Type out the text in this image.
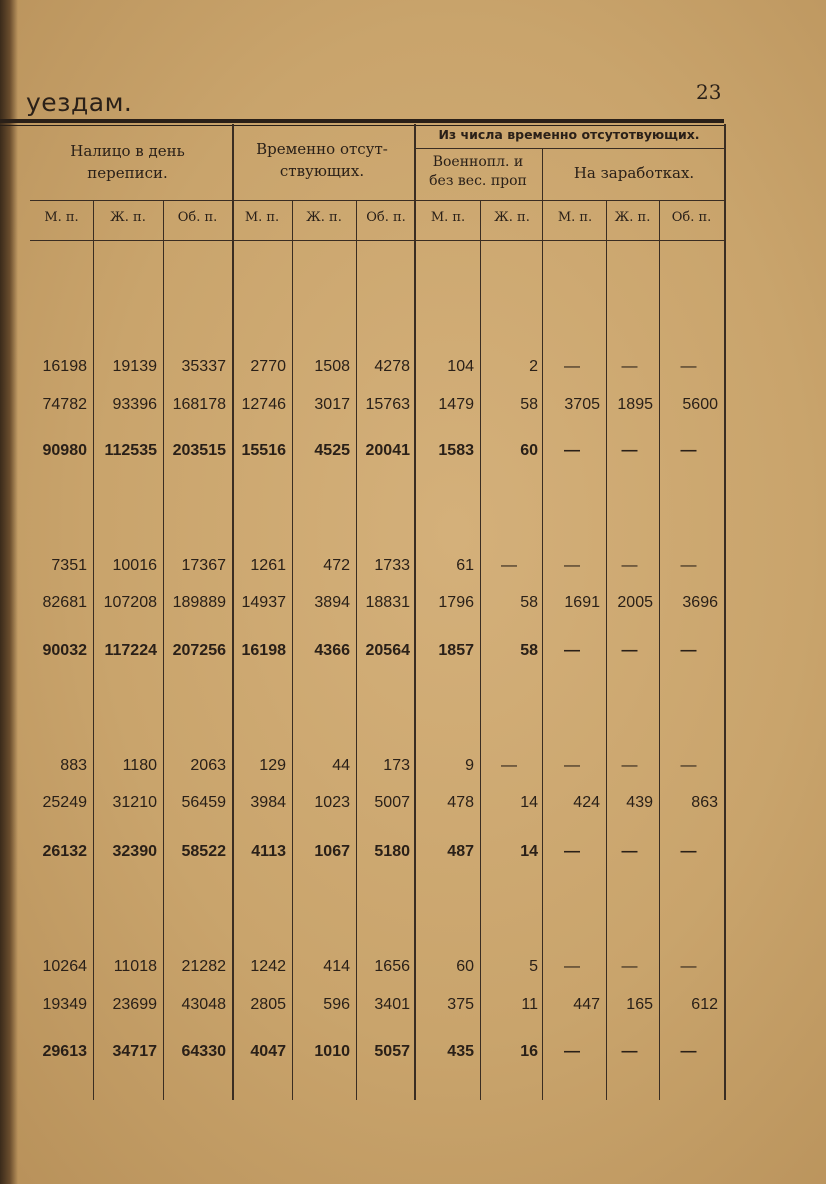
уездам.	23
Налицо в день
переписи.
Временно отсут-
ствующих.
Из числа временно отсутотвующих.
Военнопл. и
без вес. проп	На заработках.
М. п.	Ж. п.	Об. п.	М. п.	Ж. п.	Об. п.	М. п.	Ж. п.	М. п.	Ж. п.	Об. п.
16198	19139	35337	2770	1508	4278	104	2	—	—	—
74782	93396 168178 12746	3017 15763	1479	58	3705	1895	5600
90980	112535 203515 15516	4525 20041	1583	60	—	—	—
7351	10016	17367	1261	472	1733	61	—	—	—	—
82681	107208 189889 14937	3894 18831	1796	58	1691	2005	3696
90032	117224 207256 16198	4366 20564	1857	58	—	—	—
883	1180	2063	129	44	173	9	—	—	—	—
25249	31210	56459	3984	1023	5007	478	14	424	439	863
26132	32390	58522	4113	1067	5180	487	14	—	—	—
10264	11018	21282	1242	414	1656	60	5	—	—	—
19349	23699	43048	2805	596	3401	375	11	447	165	612
29613	34717	64330	4047	1010	5057	435	16	—	—	—
